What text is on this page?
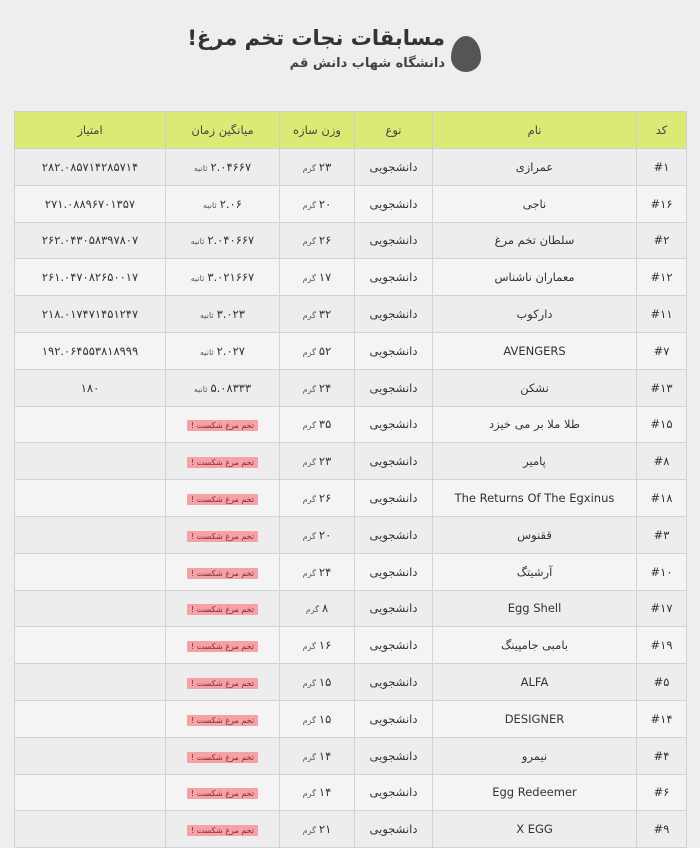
مسابقات نجات تخم مرغ!
دانشگاه شهاب دانش قم
امتیاز	میانگین زمان	وزن سازه	نوع	نام	کد
۲۸۲.۰۸۵۷۱۴۲۸۵۷۱۴	۲.۰۴۶۶۷ثانیه	۲۳گرم	دانشجویی	عمرازی	#۱
۲۷۱.۰۸۸۹۶۷۰۱۳۵۷	۲.۰۶ثانیه	۲۰گرم	دانشجویی	ناجی	#۱۶
۲۶۲.۰۴۳۰۵۸۳۹۷۸۰۷	۲.۰۴۰۶۶۷ثانیه	۲۶گرم	دانشجویی	سلطان تخم مرغ	#۲
۲۶۱.۰۴۷۰۸۲۶۵۰۰۱۷	۳.۰۲۱۶۶۷ثانیه	۱۷گرم	دانشجویی	معماران ناشناس	#۱۲
۲۱۸.۰۱۷۴۷۱۴۵۱۲۴۷	۳.۰۲۳ثانیه	۳۲گرم	دانشجویی	دارکوب	#۱۱
۱۹۲.۰۶۴۵۵۳۸۱۸۹۹۹	۲.۰۲۷ثانیه	۵۲گرم	دانشجویی	AVENGERS	#۷
۱۸۰	۵.۰۸۳۳۳ثانیه	۲۴گرم	دانشجویی	نشکن	#۱۳
	تخم مرغ شکست !	۳۵گرم	دانشجویی	طلا ملا بر می خیزد	#۱۵
	تخم مرغ شکست !	۲۳گرم	دانشجویی	پامیر	#۸
	تخم مرغ شکست !	۲۶گرم	دانشجویی	The Returns Of The Egxinus	#۱۸
	تخم مرغ شکست !	۲۰گرم	دانشجویی	ققنوس	#۳
	تخم مرغ شکست !	۲۴گرم	دانشجویی	آرشیتگ	#۱۰
	تخم مرغ شکست !	۸گرم	دانشجویی	Egg Shell	#۱۷
	تخم مرغ شکست !	۱۶گرم	دانشجویی	بامبی جامپینگ	#۱۹
	تخم مرغ شکست !	۱۵گرم	دانشجویی	ALFA	#۵
	تخم مرغ شکست !	۱۵گرم	دانشجویی	DESIGNER	#۱۴
	تخم مرغ شکست !	۱۴گرم	دانشجویی	نیمرو	#۴
	تخم مرغ شکست !	۱۴گرم	دانشجویی	Egg Redeemer	#۶
	تخم مرغ شکست !	۲۱گرم	دانشجویی	X EGG	#۹
